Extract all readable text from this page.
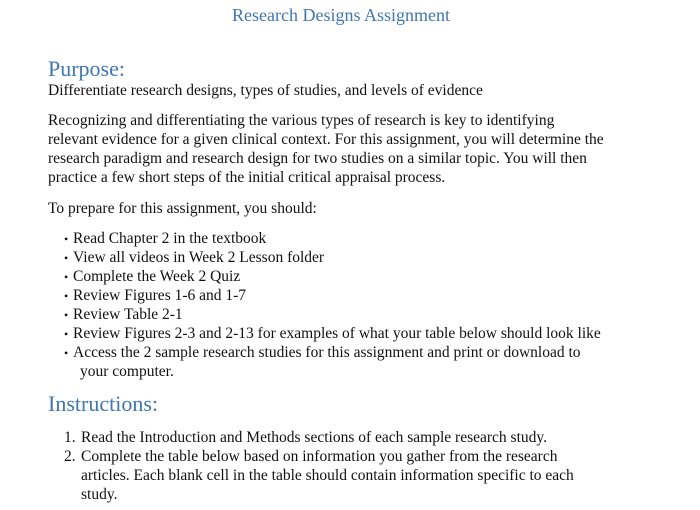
Research Designs Assignment
Purpose:
Differentiate research designs, types of studies, and levels of evidence
Recognizing and differentiating the various types of research is key to identifying
relevant evidence for a given clinical context. For this assignment, you will determine the
research paradigm and research design for two studies on a similar topic. You will then
practice a few short steps of the initial critical appraisal process.
To prepare for this assignment, you should:
• Read Chapter 2 in the textbook
• View all videos in Week 2 Lesson folder
• Complete the Week 2 Quiz
• Review Figures 1-6 and 1-7
• Review Table 2-1
• Review Figures 2-3 and 2-13 for examples of what your table below should look like
• Access the 2 sample research studies for this assignment and print or download to
your computer.
Instructions:
1. Read the Introduction and Methods sections of each sample research study.
2. Complete the table below based on information you gather from the research
articles. Each blank cell in the table should contain information specific to each
study.
